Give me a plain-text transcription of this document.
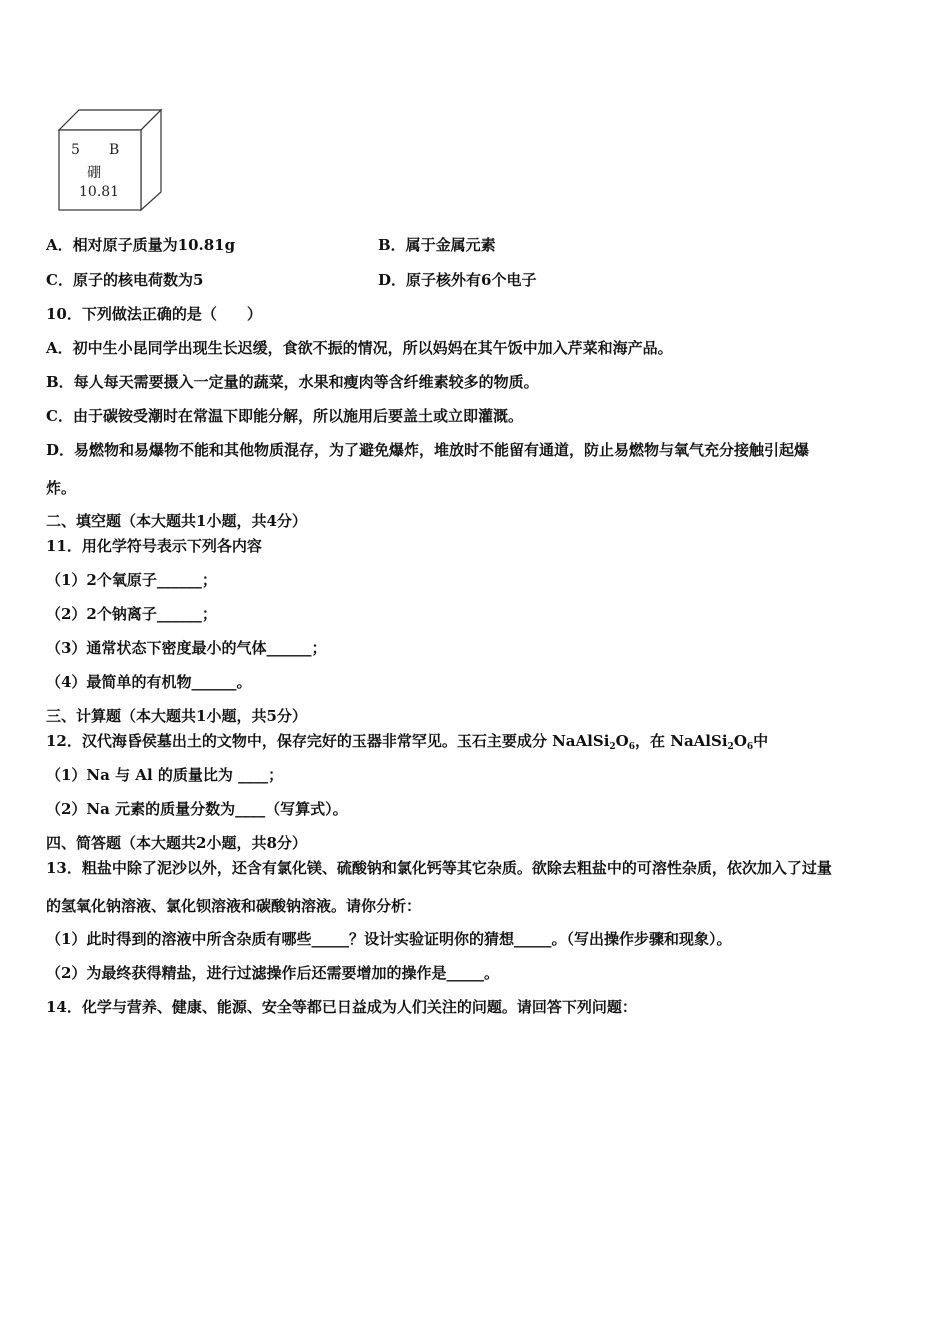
5 B
硼
10.81
A．相对原子质量为10.81g	B．属于金属元素
C．原子的核电荷数为5	D．原子核外有6个电子
10．下列做法正确的是（　　）
A．初中生小昆同学出现生长迟缓，食欲不振的情况，所以妈妈在其午饭中加入芹菜和海产品。
B．每人每天需要摄入一定量的蔬菜，水果和瘦肉等含纤维素较多的物质。
C．由于碳铵受潮时在常温下即能分解，所以施用后要盖土或立即灌溉。
D．易燃物和易爆物不能和其他物质混存，为了避免爆炸，堆放时不能留有通道，防止易燃物与氧气充分接触引起爆
炸。
二、填空题（本大题共1小题，共4分）
11．用化学符号表示下列各内容
（1）2个氧原子______；
（2）2个钠离子______；
（3）通常状态下密度最小的气体______；
（4）最简单的有机物______。
三、计算题（本大题共1小题，共5分）
12．汉代海昏侯墓出土的文物中，保存完好的玉器非常罕见。玉石主要成分 $NaAlSi_2O_6$，在 $NaAlSi_2O_6$中
（1）Na 与 Al 的质量比为 ____；
（2）Na 元素的质量分数为____（写算式）。
四、简答题（本大题共2小题，共8分）
13．粗盐中除了泥沙以外，还含有氯化镁、硫酸钠和氯化钙等其它杂质。欲除去粗盐中的可溶性杂质，依次加入了过量
的氢氧化钠溶液、氯化钡溶液和碳酸钠溶液。请你分析：
（1）此时得到的溶液中所含杂质有哪些_____？设计实验证明你的猜想_____。（写出操作步骤和现象）。
（2）为最终获得精盐，进行过滤操作后还需要增加的操作是_____。
14．化学与营养、健康、能源、安全等都已日益成为人们关注的问题。请回答下列问题：
